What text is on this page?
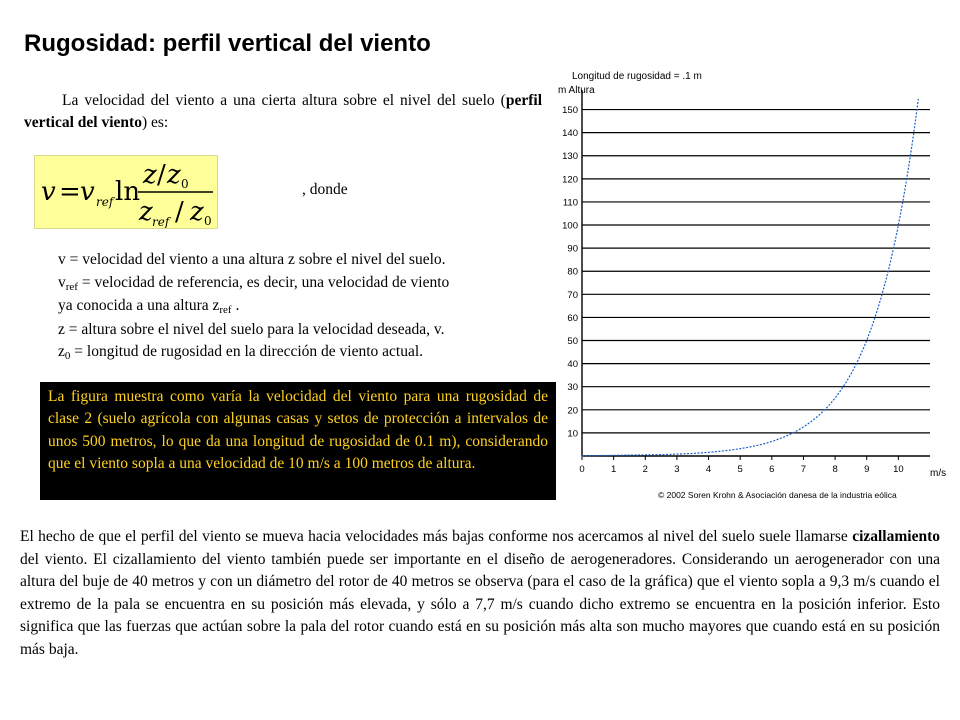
Rugosidad: perfil vertical del viento
La velocidad del viento a una cierta altura sobre el nivel del suelo (perfil vertical del viento) es:
v = v ref ln
z / z 0
z ref / z 0
, donde
v = velocidad del viento a una altura z sobre el nivel del suelo.
vref = velocidad de referencia, es decir, una velocidad de viento
ya conocida a una altura zref .
z = altura sobre el nivel del suelo para la velocidad deseada, v.
z0 = longitud de rugosidad en la dirección de viento actual.
La figura muestra como varía la velocidad del viento para una rugosidad de clase 2 (suelo agrícola con algunas casas y setos de protección a intervalos de unos 500 metros, lo que da una longitud de rugosidad de 0.1 m), considerando que el viento sopla a una velocidad de 10 m/s a 100 metros de altura.
El hecho de que el perfil del viento se mueva hacia velocidades más bajas conforme nos acercamos al nivel del suelo suele llamarse cizallamiento del viento. El cizallamiento del viento también puede ser importante en el diseño de aerogeneradores. Considerando un aerogenerador con una altura del buje de 40 metros y con un diámetro del rotor de 40 metros se observa (para el caso de la gráfica) que el viento sopla a 9,3 m/s cuando el extremo de la pala se encuentra en su posición más elevada, y sólo a 7,7 m/s cuando dicho extremo se encuentra en la posición inferior. Esto significa que las fuerzas que actúan sobre la pala del rotor cuando está en su posición más alta son mucho mayores que cuando está en su posición más baja.
Longitud de rugosidad = .1 m
m Altura
10
20
30
40
50
60
70
80
90
100
110
120
130
140
150
0	1	2	3	4	5	6	7	8	9 10	m/s
© 2002 Soren Krohn & Asociación danesa de la industria eólica
